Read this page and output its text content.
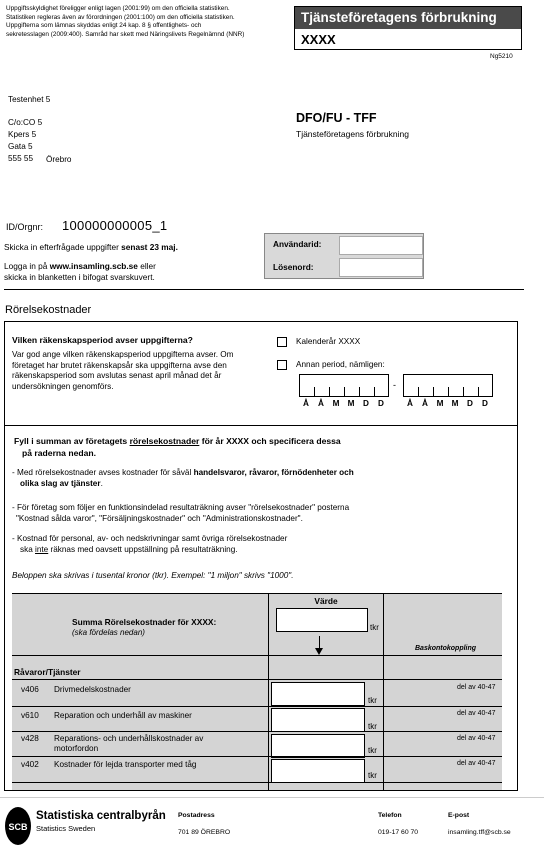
Uppgiftsskyldighet föreligger enligt lagen (2001:99) om den officiella statistiken. Statistiken regleras även av förordningen (2001:100) om den officiella statistiken. Uppgifterna som lämnas skyddas enligt 24 kap. 8 § offentlighets- och sekretesslagen (2009:400). Samråd har skett med Näringslivets Regelnämnd (NNR)
Tjänsteföretagens förbrukning
XXXX
Ng5210
Testenhet 5
C/o:CO 5
Kpers 5
Gata 5
555 55 Örebro
DFO/FU - TFF
Tjänsteföretagens förbrukning
ID/Orgnr: 100000000005_1
Skicka in efterfrågade uppgifter senast 23 maj.
Logga in på www.insamling.scb.se eller
skicka in blanketten i bifogat svarskuvert.
Användarid:
Lösenord:
Rörelsekostnader
Vilken räkenskapsperiod avser uppgifterna?
Var god ange vilken räkenskapsperiod uppgifterna avser. Om företaget har brutet räkenskapsår ska uppgifterna avse den räkenskapsperiod som avslutas senast april månad det år undersökningen genomförs.
Kalenderår XXXX
Annan period, nämligen:
-
Å	Å	M M	D	D	Å	Å	M M	D	D
Fyll i summan av företagets rörelsekostnader för år XXXX och specificera dessa
på raderna nedan.
- Med rörelsekostnader avses kostnader för såväl handelsvaror, råvaror, förnödenheter och
olika slag av tjänster.
- För företag som följer en funktionsindelad resultaträkning avser "rörelsekostnader" posterna
"Kostnad sålda varor", "Försäljningskostnader" och "Administrationskostnader".
- Kostnad för personal, av- och nedskrivningar samt övriga rörelsekostnader
ska inte räknas med oavsett uppställning på resultaträkning.
Beloppen ska skrivas i tusental kronor (tkr). Exempel: "1 miljon" skrivs "1000".
Värde
Summa Rörelsekostnader för XXXX:
(ska fördelas nedan)
tkr
Baskontokoppling
Råvaror/Tjänster
v406 Drivmedelskostnader
tkr
del av 40-47
v610 Reparation och underhåll av maskiner
tkr
del av 40-47
v428 Reparations- och underhållskostnader av
motorfordon	tkr
del av 40-47
v402 Kostnader för lejda transporter med tåg
tkr
del av 40-47
SCB
Statistiska centralbyrån
Statistics Sweden
Postadress
701 89 ÖREBRO
Telefon
019-17 60 70
E-post
insamling.tff@scb.se
